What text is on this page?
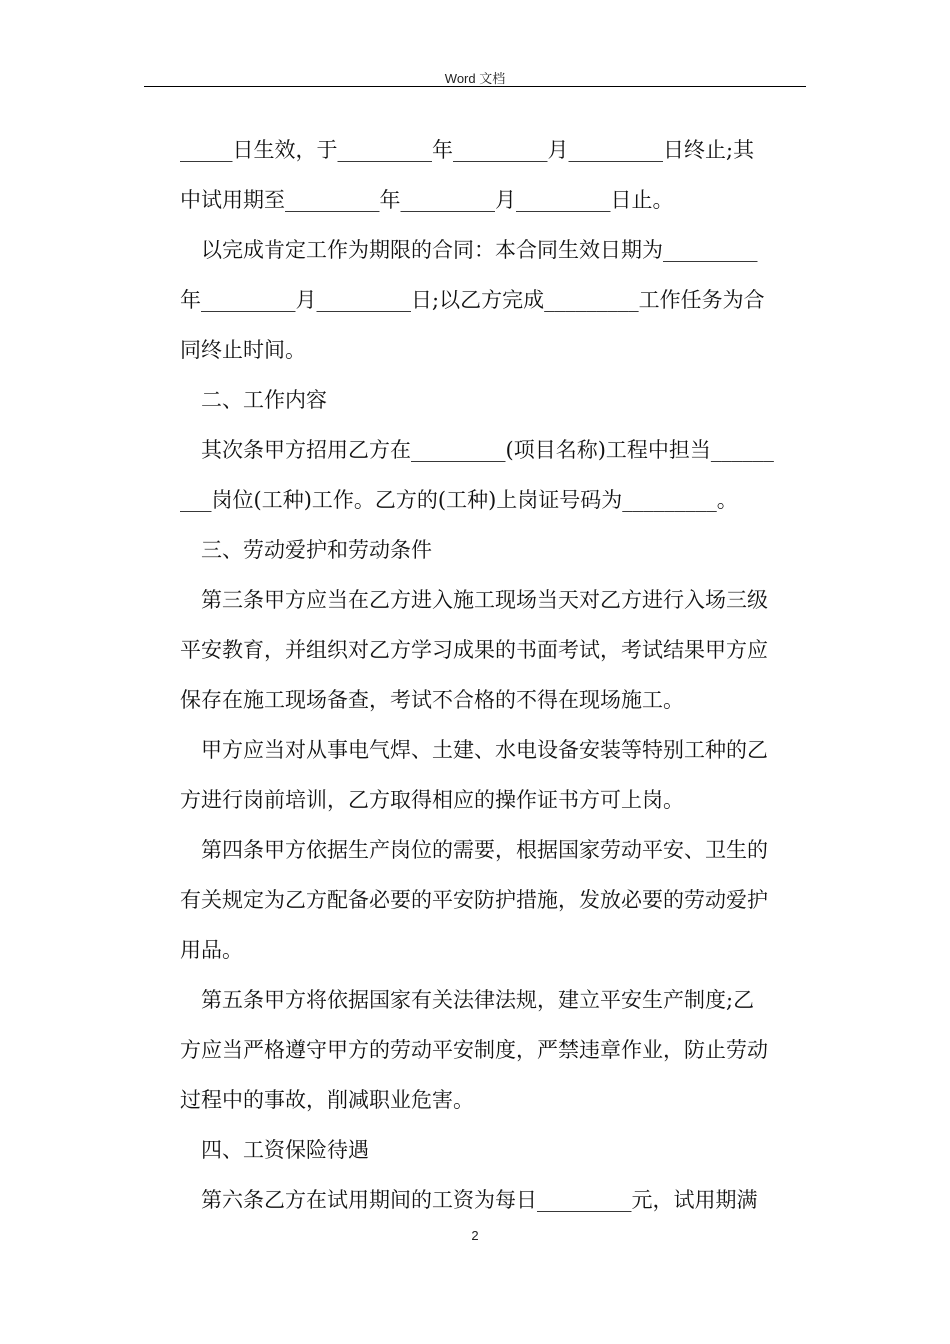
Word 文档
_____日生效，于_________年_________月_________日终止;其
中试用期至_________年_________月_________日止。
以完成肯定工作为期限的合同：本合同生效日期为_________
年_________月_________日;以乙方完成_________工作任务为合
同终止时间。
二、工作内容
其次条甲方招用乙方在_________(项目名称)工程中担当______
___岗位(工种)工作。乙方的(工种)上岗证号码为_________。
三、劳动爱护和劳动条件
第三条甲方应当在乙方进入施工现场当天对乙方进行入场三级
平安教育，并组织对乙方学习成果的书面考试，考试结果甲方应
保存在施工现场备查，考试不合格的不得在现场施工。
甲方应当对从事电气焊、土建、水电设备安装等特别工种的乙
方进行岗前培训，乙方取得相应的操作证书方可上岗。
第四条甲方依据生产岗位的需要，根据国家劳动平安、卫生的
有关规定为乙方配备必要的平安防护措施，发放必要的劳动爱护
用品。
第五条甲方将依据国家有关法律法规，建立平安生产制度;乙
方应当严格遵守甲方的劳动平安制度，严禁违章作业，防止劳动
过程中的事故，削减职业危害。
四、工资保险待遇
第六条乙方在试用期间的工资为每日_________元，试用期满
2
